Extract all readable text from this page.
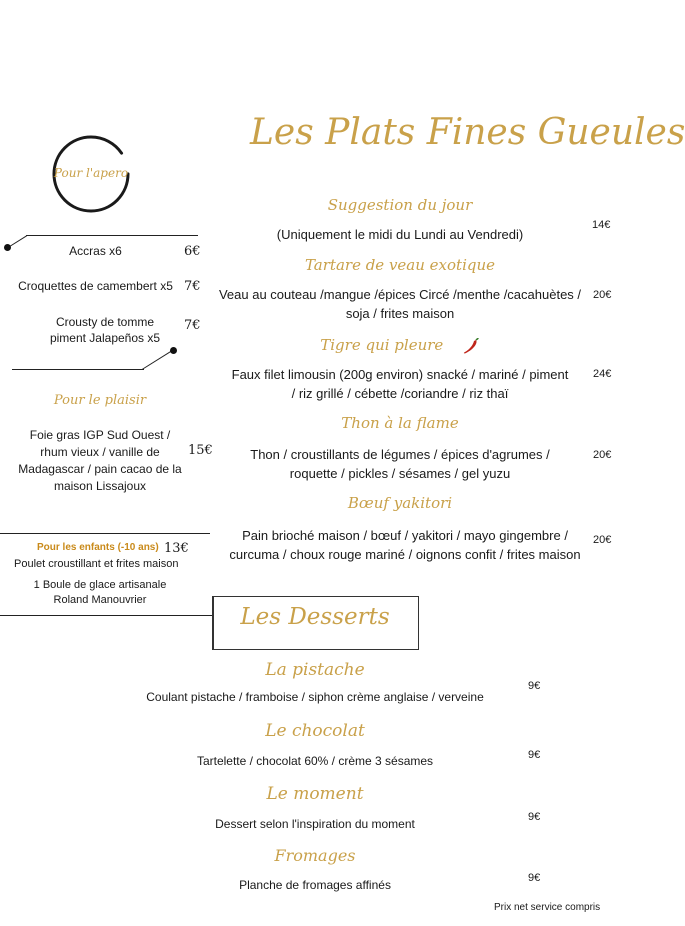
Les Plats Fines Gueules
Pour l'apero
Accras x6	6€
Croquettes de camembert x5 7€
Crousty de tomme piment Jalapeños x5
7€
Pour le plaisir
Foie gras IGP Sud Ouest / rhum vieux / vanille de Madagascar / pain cacao de la maison Lissajoux
15€
Pour les enfants (-10 ans) 13€
Poulet croustillant et frites maison
1 Boule de glace artisanale Roland Manouvrier
Suggestion du jour
(Uniquement le midi du Lundi au Vendredi)
14€
Tartare de veau exotique
Veau au couteau /mangue /épices Circé /menthe /cacahuètes / soja / frites maison
20€
Tigre qui pleure
Faux filet limousin (200g environ) snacké / mariné / piment / riz grillé / cébette /coriandre / riz thaï
24€
Thon à la flame
Thon / croustillants de légumes / épices d'agrumes / roquette / pickles / sésames / gel yuzu
20€
Bœuf yakitori
Pain brioché maison / bœuf / yakitori / mayo gingembre / curcuma / choux rouge mariné / oignons confit / frites maison
20€
Les Desserts
La pistache
Coulant pistache / framboise / siphon crème anglaise / verveine
9€
Le chocolat
Tartelette / chocolat 60% / crème 3 sésames	9€
Le moment
Dessert selon l'inspiration du moment	9€
Fromages
Planche de fromages affinés	9€
Prix net service compris
